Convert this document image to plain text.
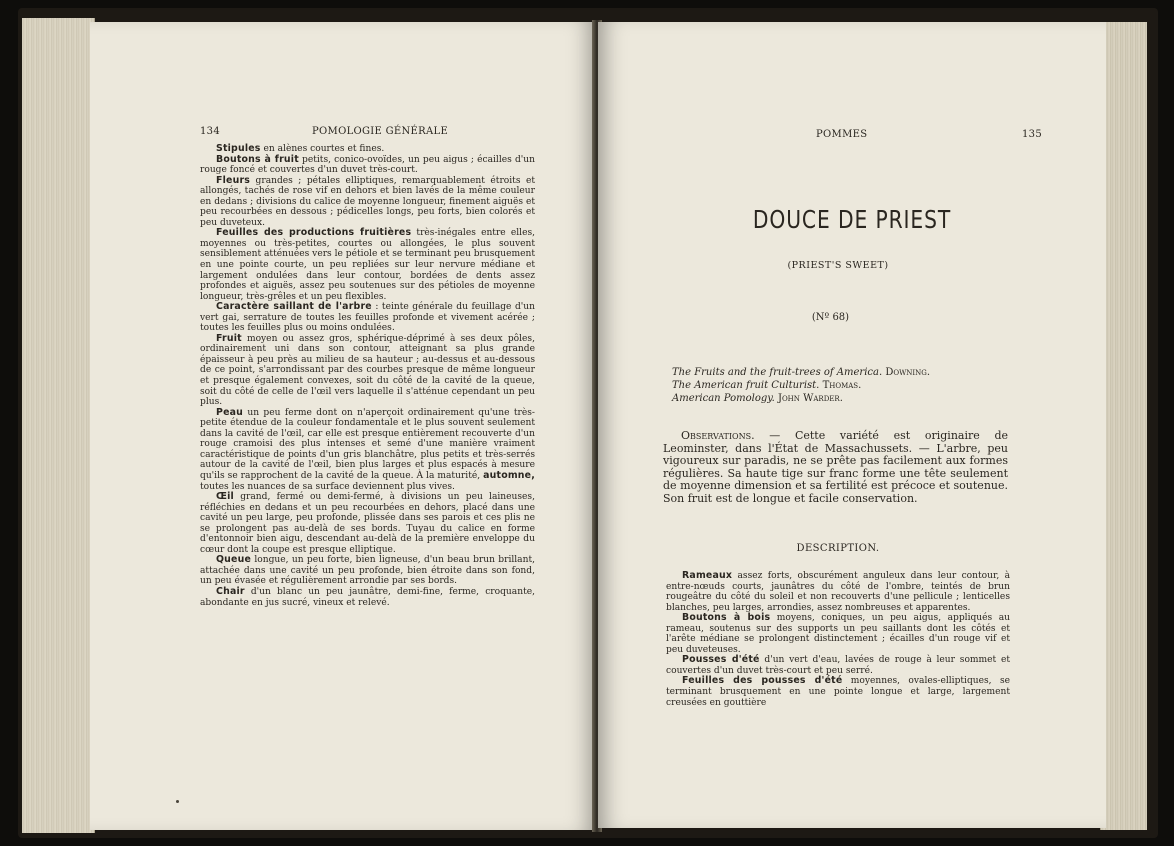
134	POMOLOGIE GÉNÉRALE

Stipules en alènes courtes et fines.

Boutons à fruit petits, conico-ovoïdes, un peu aigus ; écailles d'un rouge foncé et couvertes d'un duvet très-court.

Fleurs grandes ; pétales elliptiques, remarquablement étroits et allongés, tachés de rose vif en dehors et bien lavés de la même couleur en dedans ; divisions du calice de moyenne longueur, finement aiguës et peu recourbées en dessous ; pédicelles longs, peu forts, bien colorés et peu duveteux.

Feuilles des productions fruitières très-inégales entre elles, moyennes ou très-petites, courtes ou allongées, le plus souvent sensiblement atténuées vers le pétiole et se terminant peu brusquement en une pointe courte, un peu repliées sur leur nervure médiane et largement ondulées dans leur contour, bordées de dents assez profondes et aiguës, assez peu soutenues sur des pétioles de moyenne longueur, très-grêles et un peu flexibles.

Caractère saillant de l'arbre : teinte générale du feuillage d'un vert gai, serrature de toutes les feuilles profonde et vivement acérée ; toutes les feuilles plus ou moins ondulées.

Fruit moyen ou assez gros, sphérique-déprimé à ses deux pôles, ordinairement uni dans son contour, atteignant sa plus grande épaisseur à peu près au milieu de sa hauteur ; au-dessus et au-dessous de ce point, s'arrondissant par des courbes presque de même longueur et presque également convexes, soit du côté de la cavité de la queue, soit du côté de celle de l'œil vers laquelle il s'atténue cependant un peu plus.

Peau un peu ferme dont on n'aperçoit ordinairement qu'une très-petite étendue de la couleur fondamentale et le plus souvent seulement dans la cavité de l'œil, car elle est presque entièrement recouverte d'un rouge cramoisi des plus intenses et semé d'une manière vraiment caractéristique de points d'un gris blanchâtre, plus petits et très-serrés autour de la cavité de l'œil, bien plus larges et plus espacés à mesure qu'ils se rapprochent de la cavité de la queue. À la maturité, automne, toutes les nuances de sa surface deviennent plus vives.

Œil grand, fermé ou demi-fermé, à divisions un peu laineuses, réfléchies en dedans et un peu recourbées en dehors, placé dans une cavité un peu large, peu profonde, plissée dans ses parois et ces plis ne se prolongent pas au-delà de ses bords. Tuyau du calice en forme d'entonnoir bien aigu, descendant au-delà de la première enveloppe du cœur dont la coupe est presque elliptique.

Queue longue, un peu forte, bien ligneuse, d'un beau brun brillant, attachée dans une cavité un peu profonde, bien étroite dans son fond, un peu évasée et régulièrement arrondie par ses bords.

Chair d'un blanc un peu jaunâtre, demi-fine, ferme, croquante, abondante en jus sucré, vineux et relevé.

POMMES	135
DOUCE DE PRIEST
(PRIEST'S SWEET)
(Nº 68)
The Fruits and the fruit-trees of America. Downing.
The American fruit Culturist. Thomas.
American Pomology. John Warder.

Observations. — Cette variété est originaire de Leominster, dans l'État de Massachussets. — L'arbre, peu vigoureux sur paradis, ne se prête pas facilement aux formes régulières. Sa haute tige sur franc forme une tête seulement de moyenne dimension et sa fertilité est précoce et soutenue. Son fruit est de longue et facile conservation.

DESCRIPTION.

Rameaux assez forts, obscurément anguleux dans leur contour, à entre-nœuds courts, jaunâtres du côté de l'ombre, teintés de brun rougeâtre du côté du soleil et non recouverts d'une pellicule ; lenticelles blanches, peu larges, arrondies, assez nombreuses et apparentes.

Boutons à bois moyens, coniques, un peu aigus, appliqués au rameau, soutenus sur des supports un peu saillants dont les côtés et l'arête médiane se prolongent distinctement ; écailles d'un rouge vif et peu duveteuses.

Pousses d'été d'un vert d'eau, lavées de rouge à leur sommet et couvertes d'un duvet très-court et peu serré.

Feuilles des pousses d'été moyennes, ovales-elliptiques, se terminant brusquement en une pointe longue et large, largement creusées en gouttière
